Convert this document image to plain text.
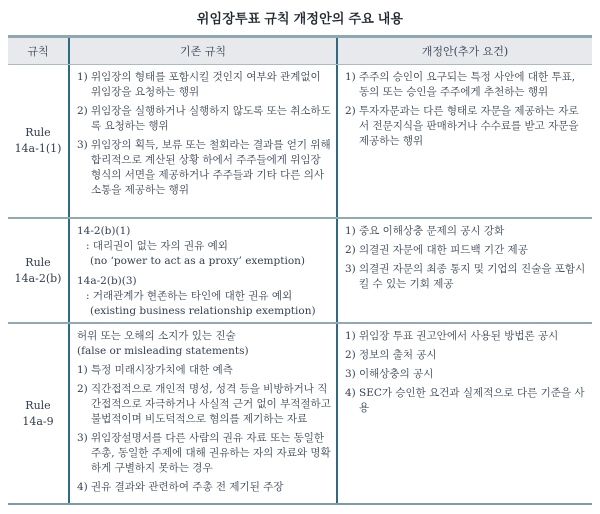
위임장투표 규칙 개정안의 주요 내용
규칙	기존 규칙	개정안(추가 요건)
Rule
14a-1(1)
1) 위임장의 형태를 포함시킬 것인지 여부와 관계없이 위임장을 요청하는 행위
2) 위임장을 실행하거나 실행하지 않도록 또는 취소하도록 요청하는 행위
3) 위임장의 획득, 보류 또는 철회라는 결과를 얻기 위해 합리적으로 계산된 상황 하에서 주주들에게 위임장 형식의 서면을 제공하거나 주주들과 기타 다른 의사소통을 제공하는 행위
1) 주주의 승인이 요구되는 특정 사안에 대한 투표, 동의 또는 승인을 주주에게 추천하는 행위
2) 투자자문과는 다른 형태로 자문을 제공하는 자로서 전문지식을 판매하거나 수수료를 받고 자문을 제공하는 행위
Rule
14a-2(b)
14-2(b)(1)
: 대리권이 없는 자의 권유 예외
(no ‘power to act as a proxy’ exemption)
14a-2(b)(3)
: 거래관계가 현존하는 타인에 대한 권유 예외
(existing business relationship exemption)
1) 중요 이해상충 문제의 공시 강화
2) 의결권 자문에 대한 피드백 기간 제공
3) 의결권 자문의 최종 통지 및 기업의 진술을 포함시킬 수 있는 기회 제공
Rule
14a-9
허위 또는 오해의 소지가 있는 진술
(false or misleading statements)
1) 특정 미래시장가치에 대한 예측
2) 직간접적으로 개인적 명성, 성격 등을 비방하거나 직간접적으로 자극하거나 사실적 근거 없이 부적절하고 불법적이며 비도덕적으로 혐의를 제기하는 자료
3) 위임장설명서를 다른 사람의 권유 자료 또는 동일한 주총, 동일한 주제에 대해 권유하는 자의 자료와 명확하게 구별하지 못하는 경우
4) 권유 결과와 관련하여 주총 전 제기된 주장
1) 위임장 투표 권고안에서 사용된 방법론 공시
2) 정보의 출처 공시
3) 이해상충의 공시
4) SEC가 승인한 요건과 실제적으로 다른 기준을 사용
